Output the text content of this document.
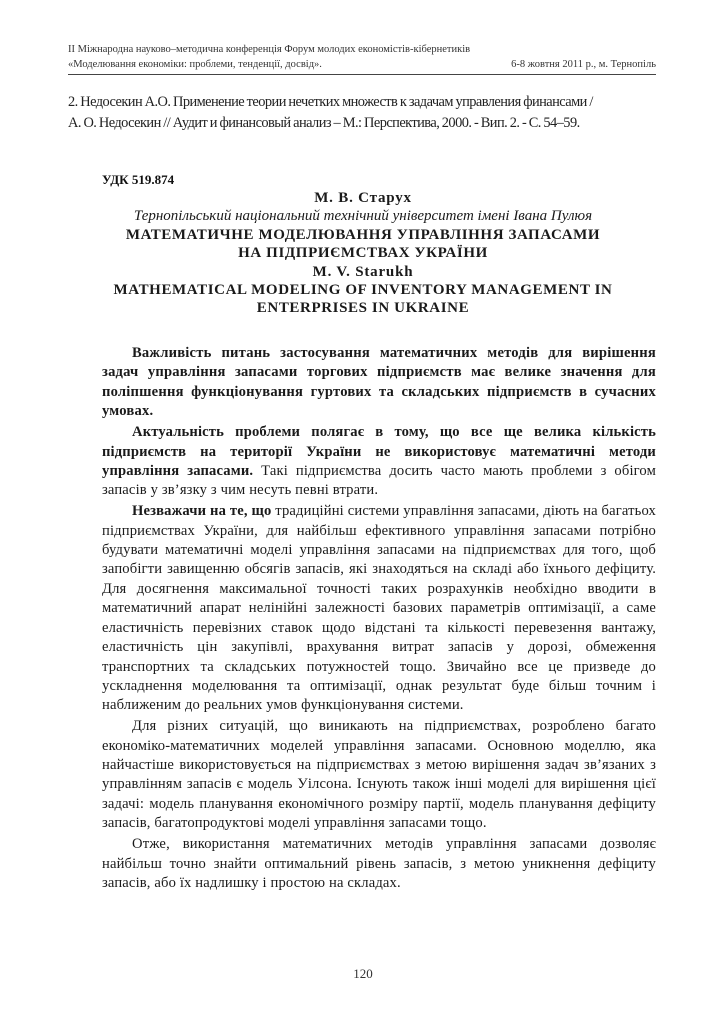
II Міжнародна науково–методична конференція Форум молодих економістів-кібернетиків
«Моделювання економіки: проблеми, тенденції, досвід».	6-8 жовтня 2011 р., м. Тернопіль
2. Недосекин А.О. Применение теории нечетких множеств к задачам управления финансами /
А. О. Недосекин // Аудит и финансовый анализ – М.: Перспектива, 2000. - Вип. 2. - С. 54–59.
УДК 519.874
М. В. Старух
Тернопільський національний технічний університет імені Івана Пулюя
МАТЕМАТИЧНЕ МОДЕЛЮВАННЯ УПРАВЛІННЯ ЗАПАСАМИ
НА ПІДПРИЄМСТВАХ УКРАЇНИ
M. V. Starukh
MATHEMATICAL MODELING OF INVENTORY MANAGEMENT IN
ENTERPRISES IN UKRAINE

Важливість питань застосування математичних методів для вирішення задач управління запасами торгових підприємств має велике значення для поліпшення функціонування гуртових та складських підприємств в сучасних умовах.

Актуальність проблеми полягає в тому, що все ще велика кількість підприємств на території України не використовує математичні методи управління запасами. Такі підприємства досить часто мають проблеми з обігом запасів у зв’язку з чим несуть певні втрати.

Незважачи на те, що традиційні системи управління запасами, діють на багатьох підприємствах України, для найбільш ефективного управління запасами потрібно будувати математичні моделі управління запасами на підприємствах для того, щоб запобігти завищенню обсягів запасів, які знаходяться на складі або їхнього дефіциту. Для досягнення максимальної точності таких розрахунків необхідно вводити в математичний апарат нелінійні залежності базових параметрів оптимізації, а саме еластичність перевізних ставок щодо відстані та кількості перевезення вантажу, еластичність цін закупівлі, врахування витрат запасів у дорозі, обмеження транспортних та складських потужностей тощо. Звичайно все це призведе до ускладнення моделювання та оптимізації, однак результат буде більш точним і наближеним до реальних умов функціонування системи.

Для різних ситуацій, що виникають на підприємствах, розроблено багато економіко-математичних моделей управління запасами. Основною моделлю, яка найчастіше використовується на підприємствах з метою вирішення задач зв’язаних з управлінням запасів є модель Уілсона. Існують також інші моделі для вирішення цієї задачі: модель планування економічного розміру партії, модель планування дефіциту запасів, багатопродуктові моделі управління запасами тощо.

Отже, використання математичних методів управління запасами дозволяє найбільш точно знайти оптимальний рівень запасів, з метою уникнення дефіциту запасів, або їх надлишку і простою на складах.

120
